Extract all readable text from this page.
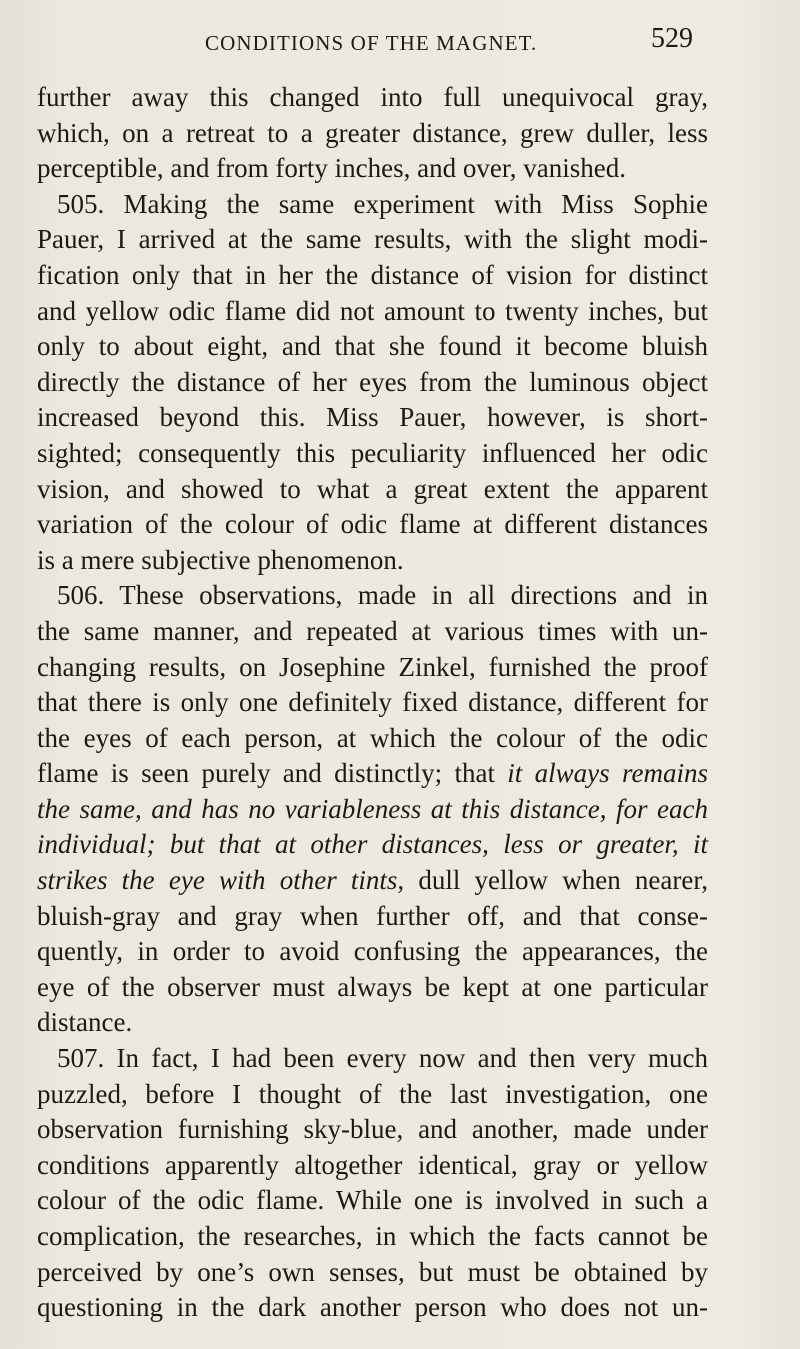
CONDITIONS OF THE MAGNET.	529
further away this changed into full unequivocal gray,
which, on a retreat to a greater distance, grew duller, less
perceptible, and from forty inches, and over, vanished.
505. Making the same experiment with Miss Sophie
Pauer, I arrived at the same results, with the slight modi-
fication only that in her the distance of vision for distinct
and yellow odic flame did not amount to twenty inches, but
only to about eight, and that she found it become bluish
directly the distance of her eyes from the luminous object
increased beyond this. Miss Pauer, however, is short-
sighted; consequently this peculiarity influenced her odic
vision, and showed to what a great extent the apparent
variation of the colour of odic flame at different distances
is a mere subjective phenomenon.
506. These observations, made in all directions and in
the same manner, and repeated at various times with un-
changing results, on Josephine Zinkel, furnished the proof
that there is only one definitely fixed distance, different for
the eyes of each person, at which the colour of the odic
flame is seen purely and distinctly; that it always remains
the same, and has no variableness at this distance, for each
individual; but that at other distances, less or greater, it
strikes the eye with other tints, dull yellow when nearer,
bluish-gray and gray when further off, and that conse-
quently, in order to avoid confusing the appearances, the
eye of the observer must always be kept at one particular
distance.
507. In fact, I had been every now and then very much
puzzled, before I thought of the last investigation, one
observation furnishing sky-blue, and another, made under
conditions apparently altogether identical, gray or yellow
colour of the odic flame. While one is involved in such a
complication, the researches, in which the facts cannot be
perceived by one’s own senses, but must be obtained by
questioning in the dark another person who does not un-
